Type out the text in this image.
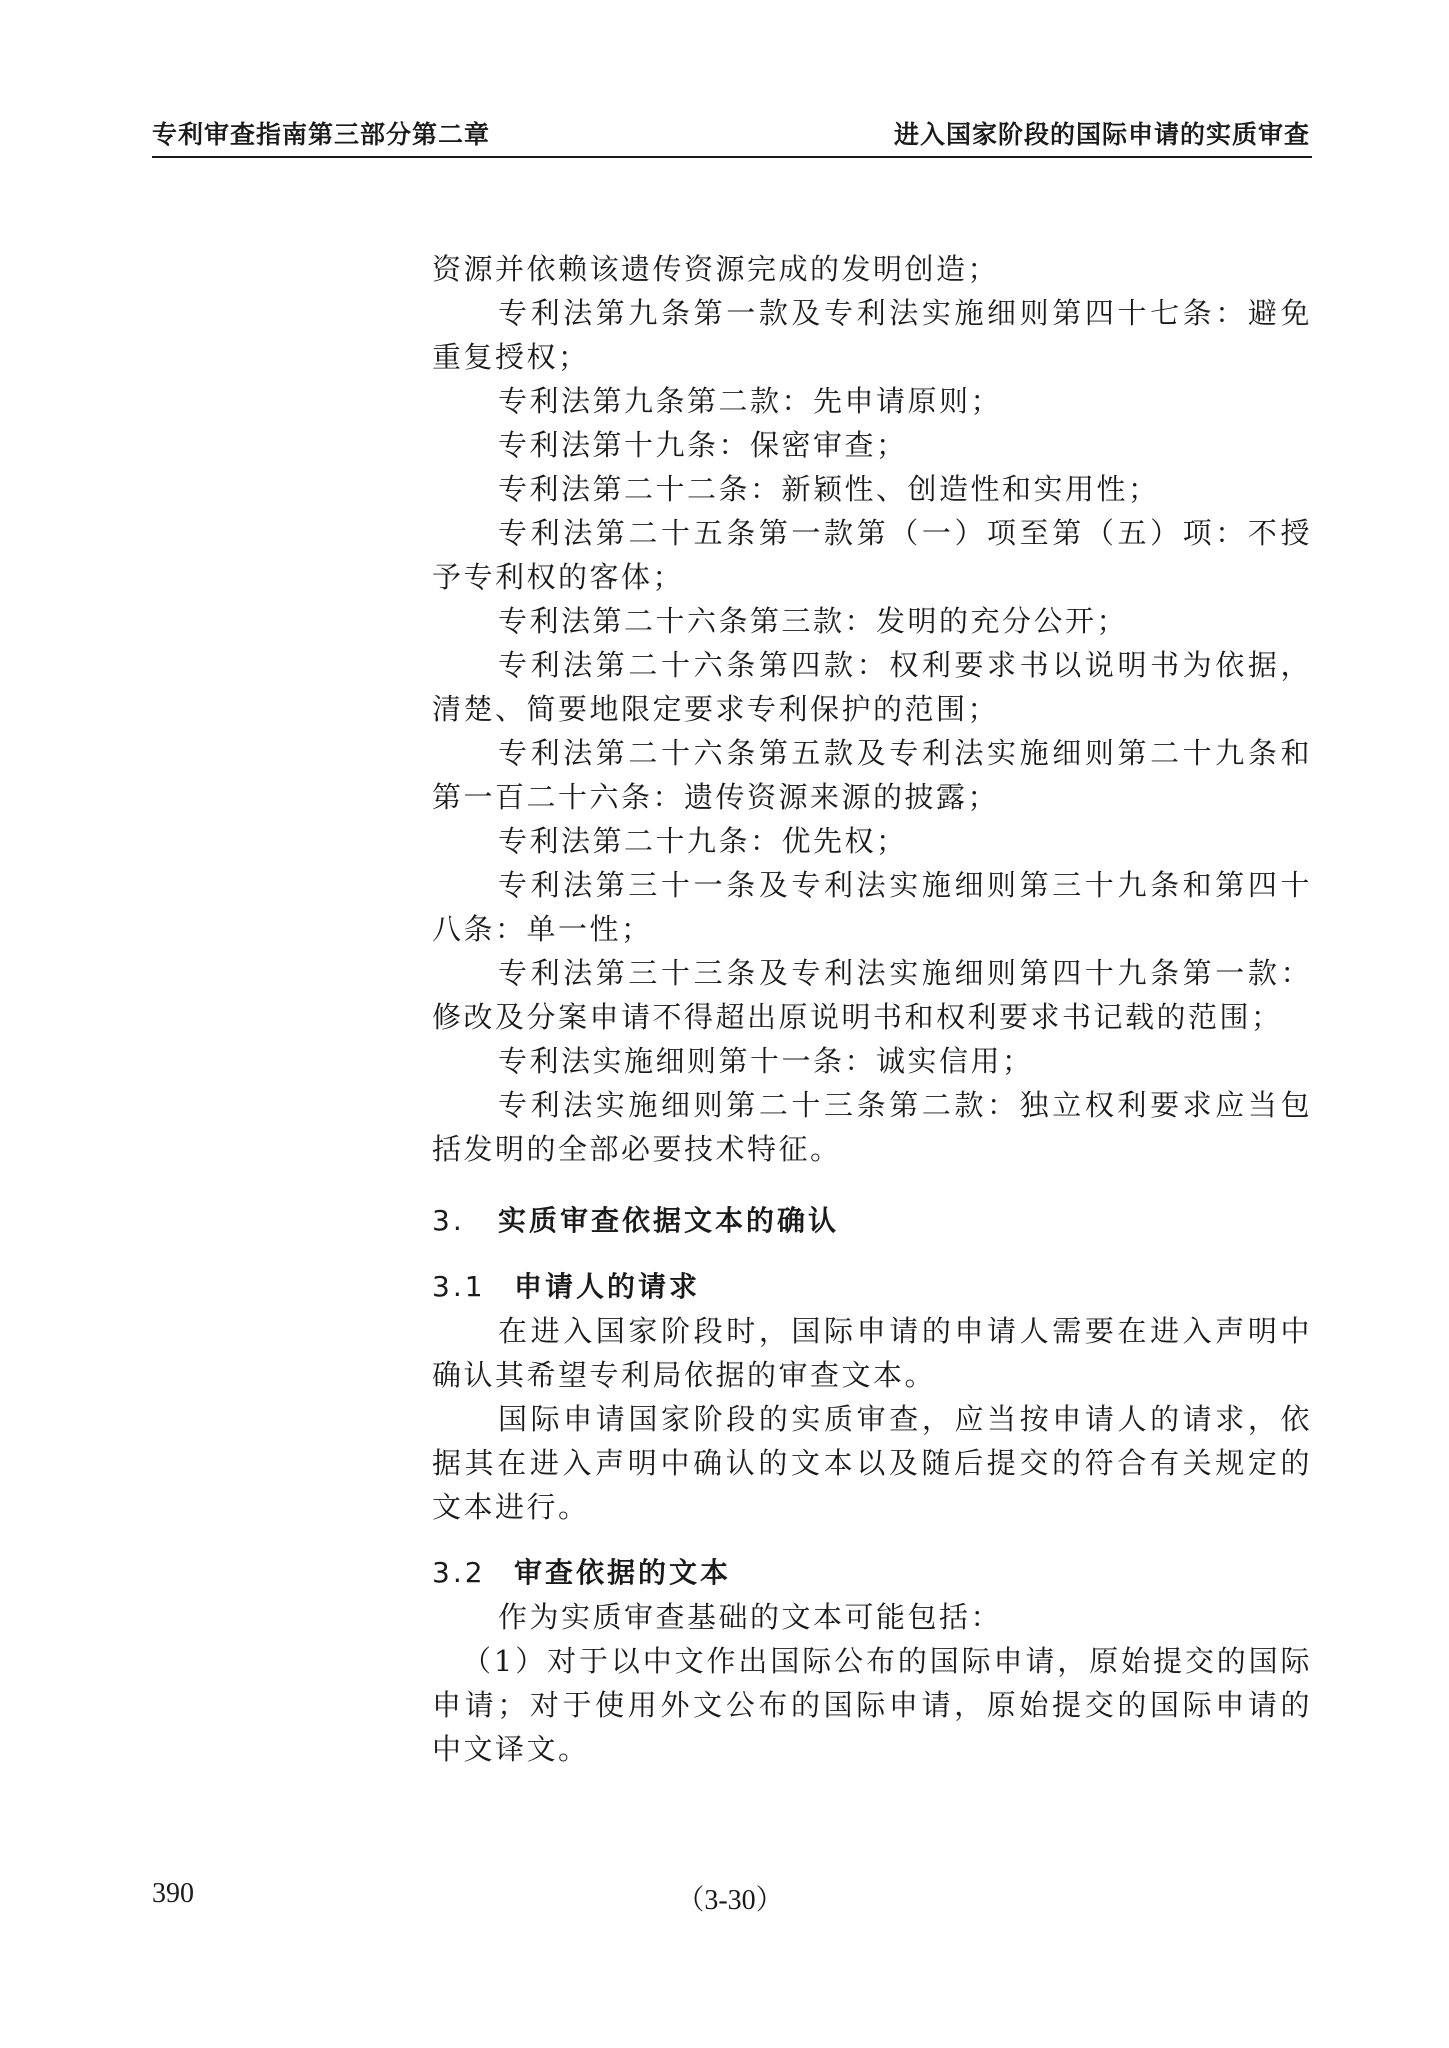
专利审查指南第三部分第二章	进入国家阶段的国际申请的实质审查

资源并依赖该遗传资源完成的发明创造；

专利法第九条第一款及专利法实施细则第四十七条：避免重复授权；

专利法第九条第二款：先申请原则；

专利法第十九条：保密审查；

专利法第二十二条：新颖性、创造性和实用性；

专利法第二十五条第一款第（一）项至第（五）项：不授予专利权的客体；

专利法第二十六条第三款：发明的充分公开；

专利法第二十六条第四款：权利要求书以说明书为依据，清楚、简要地限定要求专利保护的范围；

专利法第二十六条第五款及专利法实施细则第二十九条和第一百二十六条：遗传资源来源的披露；

专利法第二十九条：优先权；

专利法第三十一条及专利法实施细则第三十九条和第四十八条：单一性；

专利法第三十三条及专利法实施细则第四十九条第一款：修改及分案申请不得超出原说明书和权利要求书记载的范围；

专利法实施细则第十一条：诚实信用；

专利法实施细则第二十三条第二款：独立权利要求应当包括发明的全部必要技术特征。

3. 实质审查依据文本的确认
3.1 申请人的请求

在进入国家阶段时，国际申请的申请人需要在进入声明中确认其希望专利局依据的审查文本。

国际申请国家阶段的实质审查，应当按申请人的请求，依据其在进入声明中确认的文本以及随后提交的符合有关规定的文本进行。

3.2 审查依据的文本

作为实质审查基础的文本可能包括：

（1）对于以中文作出国际公布的国际申请，原始提交的国际申请；对于使用外文公布的国际申请，原始提交的国际申请的中文译文。

390	（3-30）
